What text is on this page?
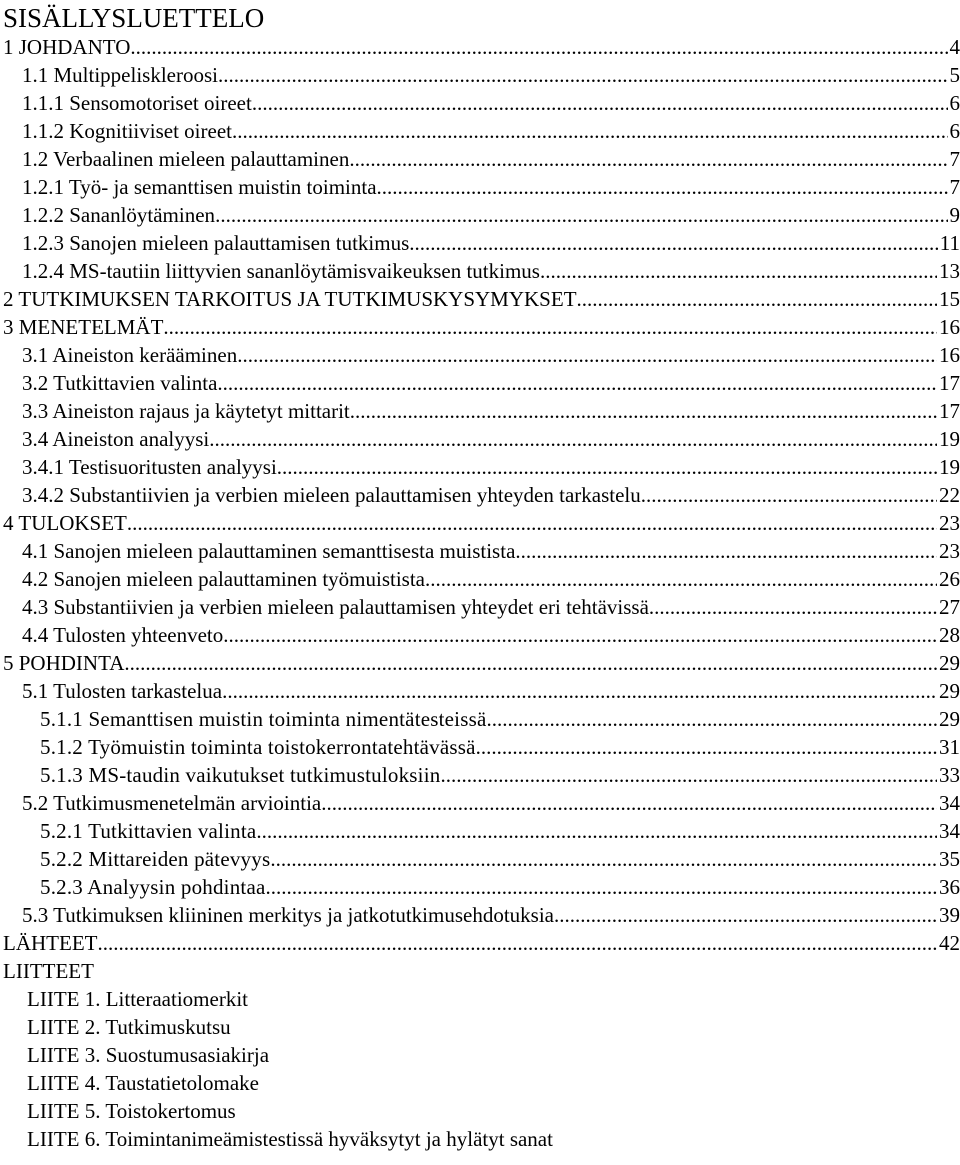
SISÄLLYSLUETTELO
1 JOHDANTO .....	4
1.1 Multippeliskleroosi .....	5
1.1.1 Sensomotoriset oireet .....	6
1.1.2 Kognitiiviset oireet .....	6
1.2 Verbaalinen mieleen palauttaminen .....	7
1.2.1 Työ- ja semanttisen muistin toiminta .....	7
1.2.2 Sananlöytäminen .....	9
1.2.3 Sanojen mieleen palauttamisen tutkimus .....	11
1.2.4 MS-tautiin liittyvien sananlöytämisvaikeuksen tutkimus .....	13
2 TUTKIMUKSEN TARKOITUS JA TUTKIMUSKYSYMYKSET .....	15
3 MENETELMÄT .....	16
3.1 Aineiston kerääminen .....	16
3.2 Tutkittavien valinta .....	17
3.3 Aineiston rajaus ja käytetyt mittarit .....	17
3.4 Aineiston analyysi .....	19
3.4.1 Testisuoritusten analyysi .....	19
3.4.2 Substantiivien ja verbien mieleen palauttamisen yhteyden tarkastelu .....	22
4 TULOKSET .....	23
4.1 Sanojen mieleen palauttaminen semanttisesta muistista .....	23
4.2 Sanojen mieleen palauttaminen työmuistista .....	26
4.3 Substantiivien ja verbien mieleen palauttamisen yhteydet eri tehtävissä .....	27
4.4 Tulosten yhteenveto .....	28
5 POHDINTA .....	29
5.1 Tulosten tarkastelua .....	29
5.1.1 Semanttisen muistin toiminta nimentätesteissä .....	29
5.1.2 Työmuistin toiminta toistokerrontatehtävässä .....	31
5.1.3 MS-taudin vaikutukset tutkimustuloksiin .....	33
5.2 Tutkimusmenetelmän arviointia .....	34
5.2.1 Tutkittavien valinta .....	34
5.2.2 Mittareiden pätevyys .....	35
5.2.3 Analyysin pohdintaa .....	36
5.3 Tutkimuksen kliininen merkitys ja jatkotutkimusehdotuksia .....	39
LÄHTEET .....	42
LIITTEET
LIITE 1. Litteraatiomerkit
LIITE 2. Tutkimuskutsu
LIITE 3. Suostumusasiakirja
LIITE 4. Taustatietolomake
LIITE 5. Toistokertomus
LIITE 6. Toimintanimeämistestissä hyväksytyt ja hylätyt sanat
